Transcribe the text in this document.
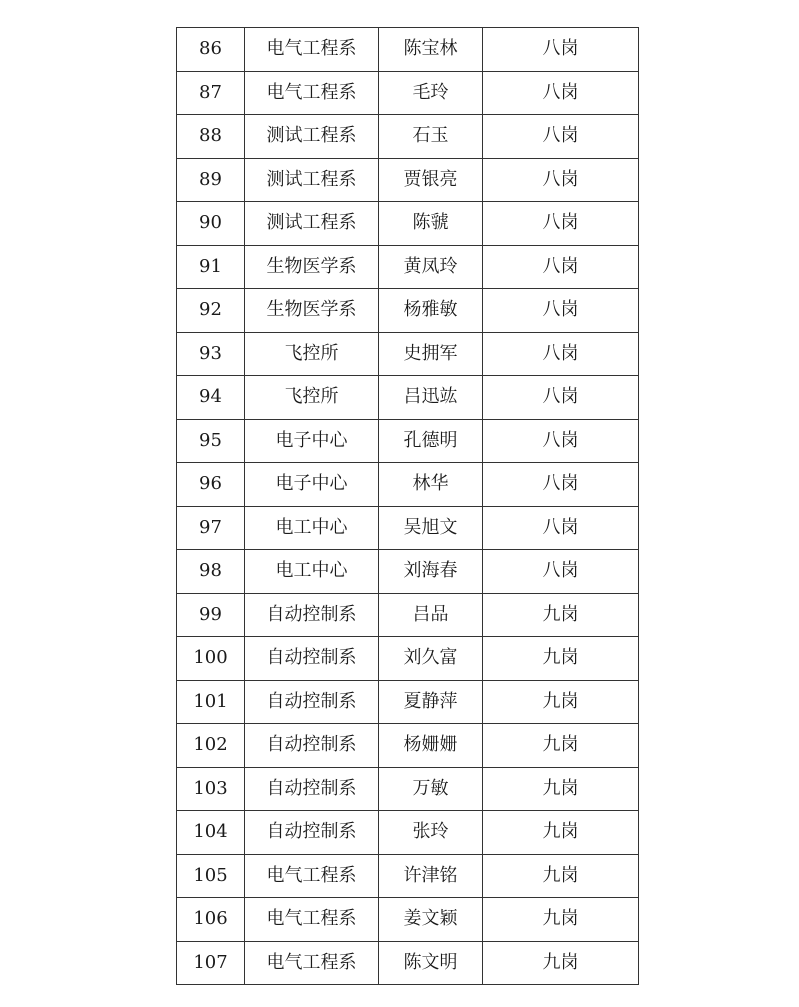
86	电气工程系	陈宝林	八岗
87	电气工程系	毛玲	八岗
88	测试工程系	石玉	八岗
89	测试工程系	贾银亮	八岗
90	测试工程系	陈虢	八岗
91	生物医学系	黄凤玲	八岗
92	生物医学系	杨雅敏	八岗
93	飞控所	史拥军	八岗
94	飞控所	吕迅竑	八岗
95	电子中心	孔德明	八岗
96	电子中心	林华	八岗
97	电工中心	吴旭文	八岗
98	电工中心	刘海春	八岗
99	自动控制系	吕品	九岗
100	自动控制系	刘久富	九岗
101	自动控制系	夏静萍	九岗
102	自动控制系	杨姗姗	九岗
103	自动控制系	万敏	九岗
104	自动控制系	张玲	九岗
105	电气工程系	许津铭	九岗
106	电气工程系	姜文颖	九岗
107	电气工程系	陈文明	九岗
